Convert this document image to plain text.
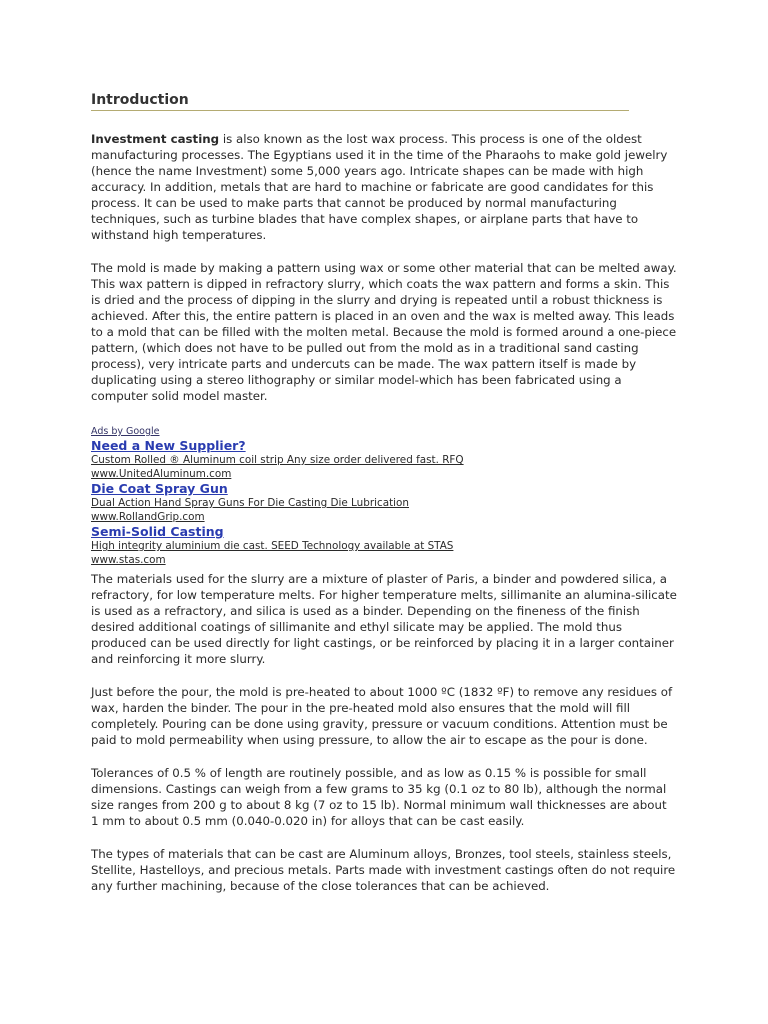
Introduction

Investment casting is also known as the lost wax process. This process is one of the oldest manufacturing processes. The Egyptians used it in the time of the Pharaohs to make gold jewelry (hence the name Investment) some 5,000 years ago. Intricate shapes can be made with high accuracy. In addition, metals that are hard to machine or fabricate are good candidates for this process. It can be used to make parts that cannot be produced by normal manufacturing techniques, such as turbine blades that have complex shapes, or airplane parts that have to withstand high temperatures.

The mold is made by making a pattern using wax or some other material that can be melted away. This wax pattern is dipped in refractory slurry, which coats the wax pattern and forms a skin. This is dried and the process of dipping in the slurry and drying is repeated until a robust thickness is achieved. After this, the entire pattern is placed in an oven and the wax is melted away. This leads to a mold that can be filled with the molten metal. Because the mold is formed around a one-piece pattern, (which does not have to be pulled out from the mold as in a traditional sand casting process), very intricate parts and undercuts can be made. The wax pattern itself is made by duplicating using a stereo lithography or similar model-which has been fabricated using a computer solid model master.

Ads by Google
Need a New Supplier?
Custom Rolled ® Aluminum coil strip Any size order delivered fast. RFQ
www.UnitedAluminum.com
Die Coat Spray Gun
Dual Action Hand Spray Guns For Die Casting Die Lubrication
www.RollandGrip.com
Semi-Solid Casting
High integrity aluminium die cast. SEED Technology available at STAS
www.stas.com

The materials used for the slurry are a mixture of plaster of Paris, a binder and powdered silica, a refractory, for low temperature melts. For higher temperature melts, sillimanite an alumina-silicate is used as a refractory, and silica is used as a binder. Depending on the fineness of the finish desired additional coatings of sillimanite and ethyl silicate may be applied. The mold thus produced can be used directly for light castings, or be reinforced by placing it in a larger container and reinforcing it more slurry.

Just before the pour, the mold is pre-heated to about 1000 ºC (1832 ºF) to remove any residues of wax, harden the binder. The pour in the pre-heated mold also ensures that the mold will fill completely. Pouring can be done using gravity, pressure or vacuum conditions. Attention must be paid to mold permeability when using pressure, to allow the air to escape as the pour is done.

Tolerances of 0.5 % of length are routinely possible, and as low as 0.15 % is possible for small dimensions. Castings can weigh from a few grams to 35 kg (0.1 oz to 80 lb), although the normal size ranges from 200 g to about 8 kg (7 oz to 15 lb). Normal minimum wall thicknesses are about 1 mm to about 0.5 mm (0.040-0.020 in) for alloys that can be cast easily.

The types of materials that can be cast are Aluminum alloys, Bronzes, tool steels, stainless steels, Stellite, Hastelloys, and precious metals. Parts made with investment castings often do not require any further machining, because of the close tolerances that can be achieved.
